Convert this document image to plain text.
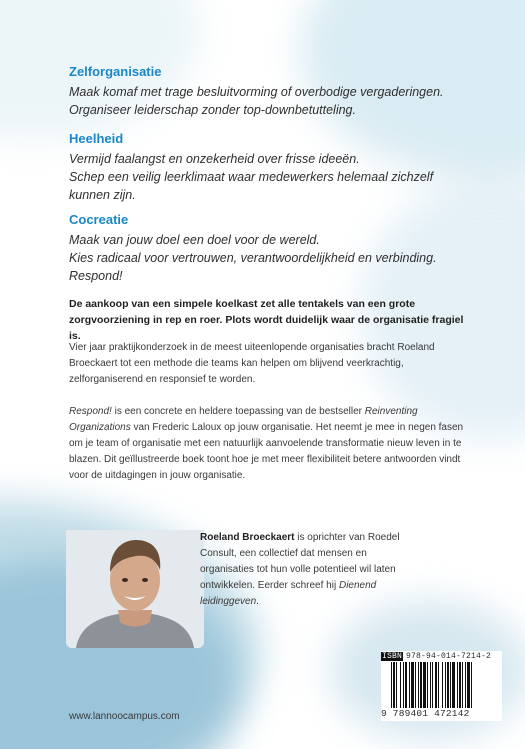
Zelforganisatie

Maak komaf met trage besluitvorming of overbodige vergaderingen.

Organiseer leiderschap zonder top-downbetutteling.

Heelheid

Vermijd faalangst en onzekerheid over frisse ideeën.

Schep een veilig leerklimaat waar medewerkers helemaal zichzelf kunnen zijn.

Cocreatie

Maak van jouw doel een doel voor de wereld.

Kies radicaal voor vertrouwen, verantwoordelijkheid en verbinding.

Respond!

De aankoop van een simpele koelkast zet alle tentakels van een grote zorgvoorziening in rep en roer. Plots wordt duidelijk waar de organisatie fragiel is.
Vier jaar praktijkonderzoek in de meest uiteenlopende organisaties bracht Roeland Broeckaert tot een methode die teams kan helpen om blijvend veerkrachtig, zelforganiserend en responsief te worden.
Respond! is een concrete en heldere toepassing van de bestseller Reinventing Organizations van Frederic Laloux op jouw organisatie. Het neemt je mee in negen fasen om je team of organisatie met een natuurlijk aanvoelende transformatie nieuw leven in te blazen. Dit geïllustreerde boek toont hoe je met meer flexibiliteit betere antwoorden vindt voor de uitdagingen in jouw organisatie.
Roeland Broeckaert is oprichter van Roedel Consult, een collectief dat mensen en organisaties tot hun volle potentieel wil laten ontwikkelen. Eerder schreef hij Dienend leidinggeven.
www.lannoocampus.com
ISBN 978-94-014-7214-2
9 789401 472142
